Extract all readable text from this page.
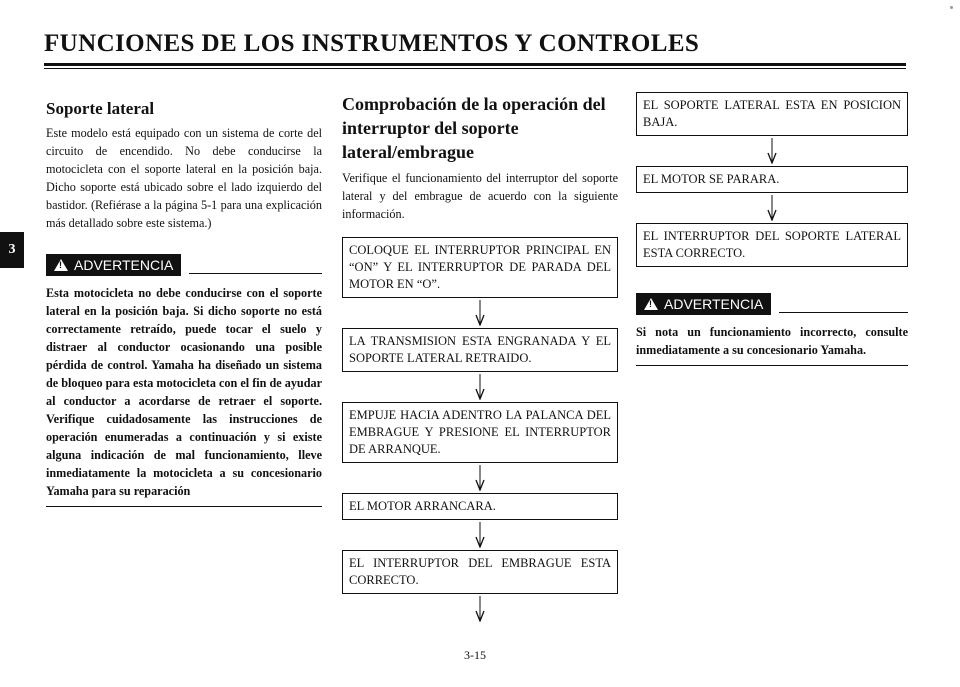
FUNCIONES DE LOS INSTRUMENTOS Y CONTROLES
3
Soporte lateral

Este modelo está equipado con un sistema de corte del circuito de encendido. No debe conducirse la motocicleta con el soporte lateral en la posición baja. Dicho soporte está ubicado sobre el lado izquierdo del bastidor. (Refiérase a la página 5-1 para una explicación más detallado sobre este sistema.)

!
ADVERTENCIA

Esta motocicleta no debe conducirse con el soporte lateral en la posición baja. Si dicho soporte no está correctamente retraído, puede tocar el suelo y distraer al conductor ocasionando una posible pérdida de control. Yamaha ha diseñado un sistema de bloqueo para esta motocicleta con el fin de ayudar al conductor a acordarse de retraer el soporte. Verifique cuidadosamente las instrucciones de operación enumeradas a continuación y si existe alguna indicación de mal funcionamiento, lleve inmediatamente la motocicleta a su concesionario Yamaha para su reparación

Comprobación de la operación del interruptor del soporte lateral/embrague

Verifique el funcionamiento del interruptor del soporte lateral y del embrague de acuerdo con la siguiente información.

COLOQUE EL INTERRUPTOR PRINCIPAL EN “ON” Y EL INTERRUPTOR DE PARADA DEL MOTOR EN “Ο”.
LA TRANSMISION ESTA ENGRANADA Y EL SOPORTE LATERAL RETRAIDO.
EMPUJE HACIA ADENTRO LA PALANCA DEL EMBRAGUE Y PRESIONE EL INTERRUPTOR DE ARRANQUE.
EL MOTOR ARRANCARA.
EL INTERRUPTOR DEL EMBRAGUE ESTA CORRECTO.
EL SOPORTE LATERAL ESTA EN POSICION BAJA.
EL MOTOR SE PARARA.
EL INTERRUPTOR DEL SOPORTE LATERAL ESTA CORRECTO.
!
ADVERTENCIA

Si nota un funcionamiento incorrecto, consulte inmediatamente a su concesionario Yamaha.

3-15
